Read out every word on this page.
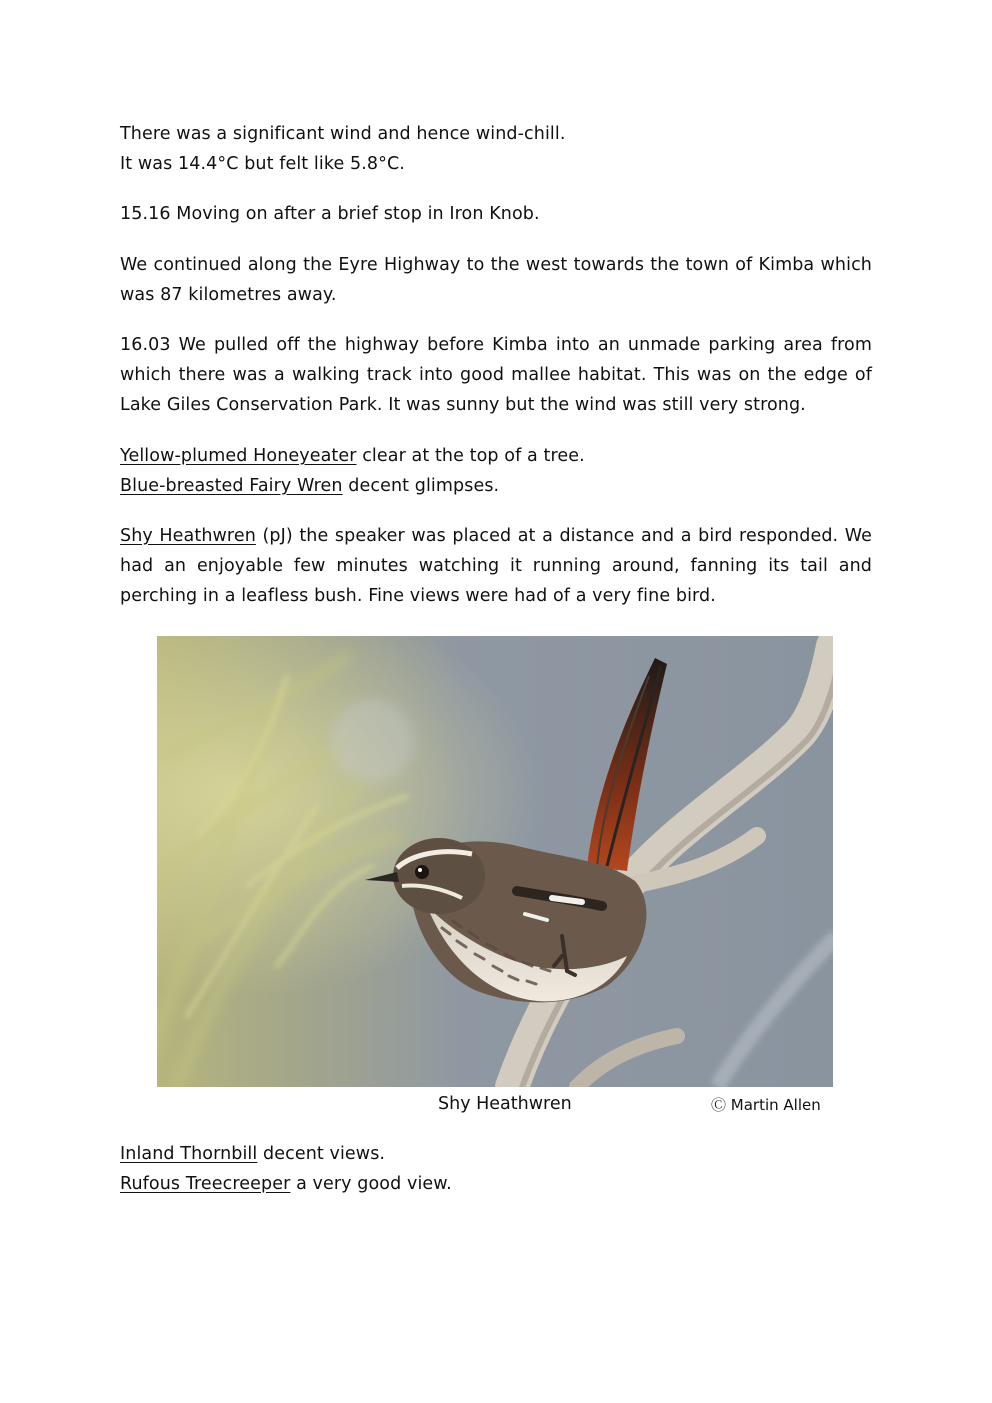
There was a significant wind and hence wind-chill.

It was 14.4°C but felt like 5.8°C.

15.16 Moving on after a brief stop in Iron Knob.

We continued along the Eyre Highway to the west towards the town of Kimba which was 87 kilometres away.

16.03 We pulled off the highway before Kimba into an unmade parking area from which there was a walking track into good mallee habitat. This was on the edge of Lake Giles Conservation Park. It was sunny but the wind was still very strong.

Yellow-plumed Honeyeater clear at the top of a tree.

Blue-breasted Fairy Wren decent glimpses.

Shy Heathwren (pJ) the speaker was placed at a distance and a bird responded. We had an enjoyable few minutes watching it running around, fanning its tail and perching in a leafless bush. Fine views were had of a very fine bird.

Shy Heathwren	Ⓒ Martin Allen

Inland Thornbill decent views.

Rufous Treecreeper a very good view.
